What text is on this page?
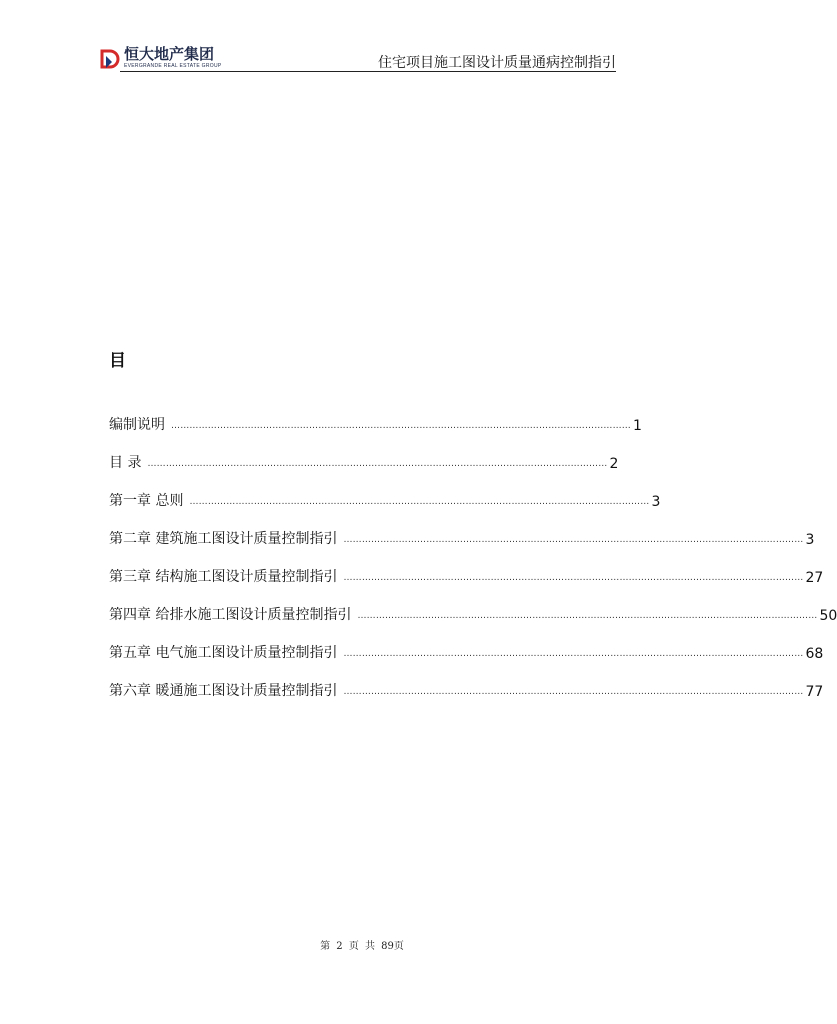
恒大地产集团
EVERGRANDE REAL ESTATE GROUP	住宅项目施工图设计质量通病控制指引
目
编制说明 …………………………………………………………………………………………………………………………………… 1
目 录 …………………………………………………………………………………………………………………………………… 2
第一章 总则 …………………………………………………………………………………………………………………………………… 3
第二章 建筑施工图设计质量控制指引 …………………………………………………………………………………………………………………………………… 3
第三章 结构施工图设计质量控制指引 …………………………………………………………………………………………………………………………………… 27
第四章 给排水施工图设计质量控制指引 …………………………………………………………………………………………………………………………………… 50
第五章 电气施工图设计质量控制指引 …………………………………………………………………………………………………………………………………… 68
第六章 暖通施工图设计质量控制指引 …………………………………………………………………………………………………………………………………… 77
第 2 页 共 89页
